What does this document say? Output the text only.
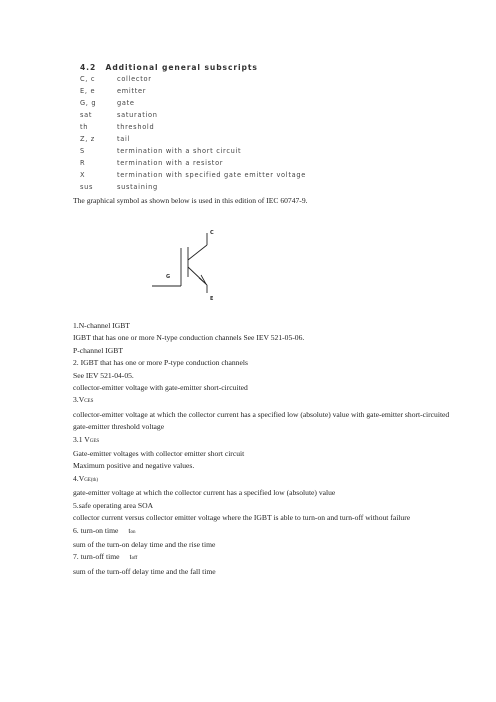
4.2 Additional general subscripts
C, c	collector
E, e	emitter
G, g	gate
sat	saturation
th	threshold
Z, z	tail
S	termination with a short circuit
R	termination with a resistor
X	termination with specified gate emitter voltage
sus	sustaining
The graphical symbol as shown below is used in this edition of IEC 60747-9.
C
G
E

1.N-channel IGBT

IGBT that has one or more N-type conduction channels See IEV 521-05-06.

P-channel IGBT

2. IGBT that has one or more P-type conduction channels

See IEV 521-04-05.

collector-emitter voltage with gate-emitter short-circuited

3.VCES

collector-emitter voltage at which the collector current has a specified low (absolute) value with gate-emitter short-circuited

gate-emitter threshold voltage

3.1 VGES

Gate-emitter voltages with collector emitter short circuit

Maximum positive and negative values.

4.VGE(th)

gate-emitter voltage at which the collector current has a specified low (absolute) value

5.safe operating area SOA

collector current versus collector emitter voltage where the IGBT is able to turn-on and turn-off without failure

6. turn-on time ton

sum of the turn-on delay time and the rise time

7. turn-off time toff

sum of the turn-off delay time and the fall time
